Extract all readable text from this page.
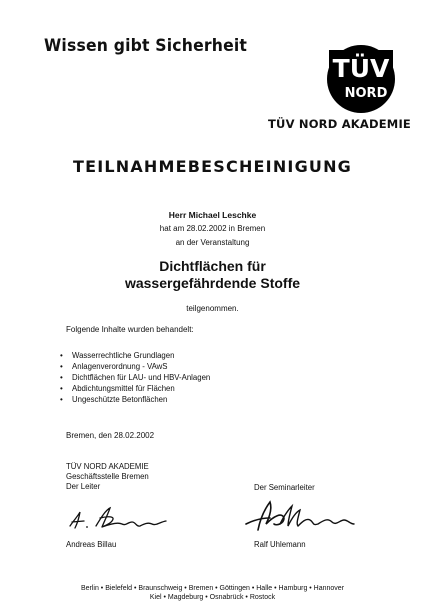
Wissen gibt Sicherheit
TÜV
NORD
TÜV NORD AKADEMIE
TEILNAHMEBESCHEINIGUNG
Herr Michael Leschke
hat am 28.02.2002 in Bremen
an der Veranstaltung
Dichtflächen für
wassergefährdende Stoffe
teilgenommen.
Folgende Inhalte wurden behandelt:
• Wasserrechtliche Grundlagen
• Anlagenverordnung - VAwS
• Dichtflächen für LAU- und HBV-Anlagen
• Abdichtungsmittel für Flächen
• Ungeschützte Betonflächen
Bremen, den 28.02.2002
TÜV NORD AKADEMIE
Geschäftsstelle Bremen
Der Leiter	Der Seminarleiter
Andreas Billau	Ralf Uhlemann
Berlin • Bielefeld • Braunschweig • Bremen • Göttingen • Halle • Hamburg • Hannover
Kiel • Magdeburg • Osnabrück • Rostock
